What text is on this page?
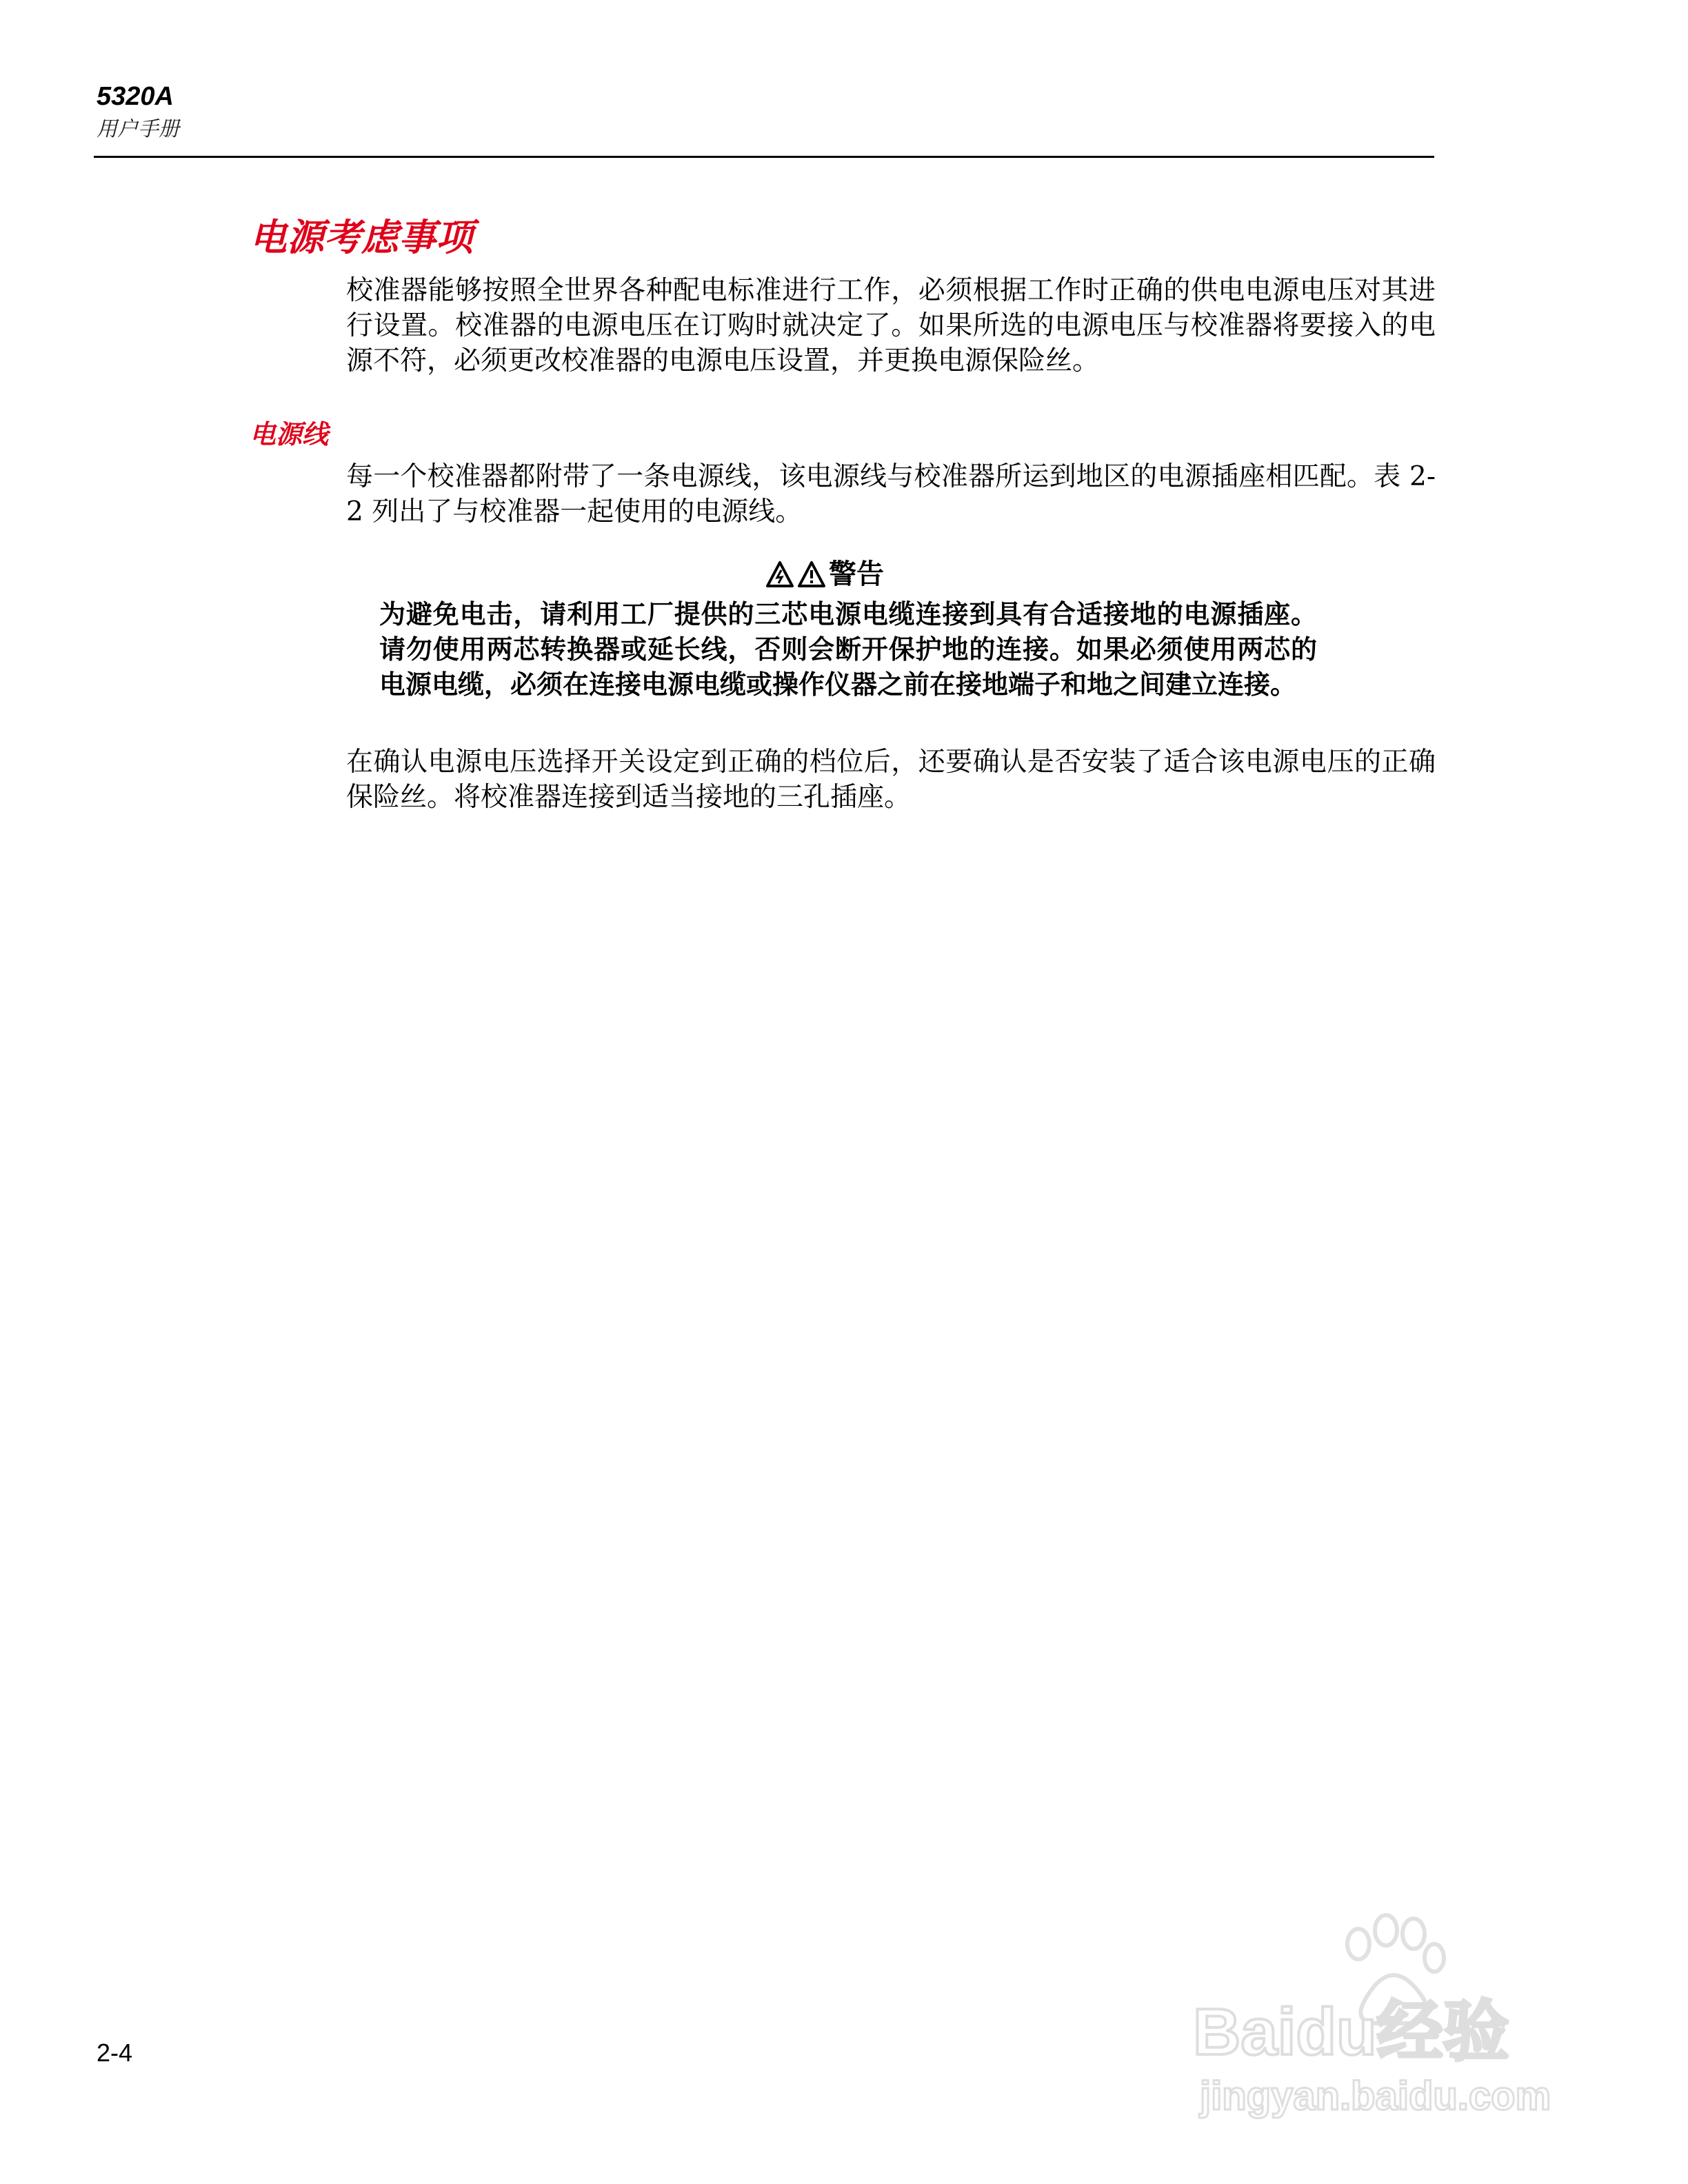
5320A
用户手册
电源考虑事项
校准器能够按照全世界各种配电标准进行工作，必须根据工作时正确的供电电源电压对其进行设置。校准器的电源电压在订购时就决定了。如果所选的电源电压与校准器将要接入的电源不符，必须更改校准器的电源电压设置，并更换电源保险丝。
电源线
每一个校准器都附带了一条电源线，该电源线与校准器所运到地区的电源插座相匹配。表 2-2 列出了与校准器一起使用的电源线。
警告
为避免电击，请利用工厂提供的三芯电源电缆连接到具有合适接地的电源插座。请勿使用两芯转换器或延长线，否则会断开保护地的连接。如果必须使用两芯的电源电缆，必须在连接电源电缆或操作仪器之前在接地端子和地之间建立连接。
在确认电源电压选择开关设定到正确的档位后，还要确认是否安装了适合该电源电压的正确保险丝。将校准器连接到适当接地的三孔插座。
2-4	Baidu经验
jingyan.baidu.com
